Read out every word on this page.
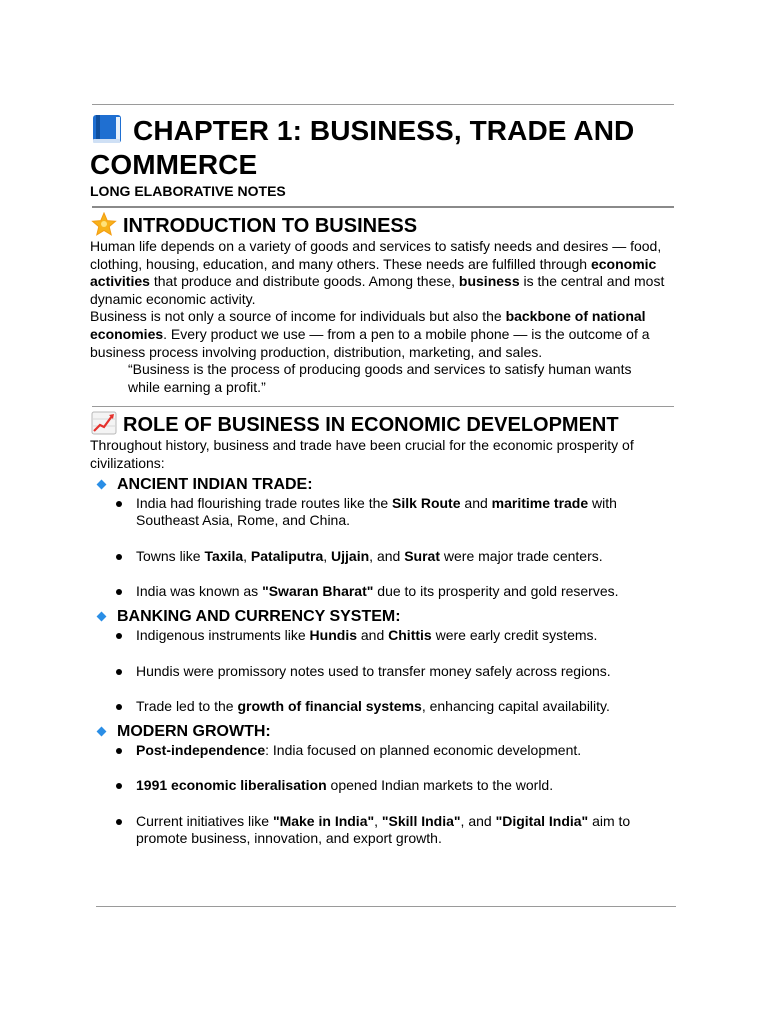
CHAPTER 1: BUSINESS, TRADE AND COMMERCE
LONG ELABORATIVE NOTES
INTRODUCTION TO BUSINESS

Human life depends on a variety of goods and services to satisfy needs and desires — food, clothing, housing, education, and many others. These needs are fulfilled through economic activities that produce and distribute goods. Among these, business is the central and most dynamic economic activity.

Business is not only a source of income for individuals but also the backbone of national economies. Every product we use — from a pen to a mobile phone — is the outcome of a business process involving production, distribution, marketing, and sales.

“Business is the process of producing goods and services to satisfy human wants while earning a profit.”

ROLE OF BUSINESS IN ECONOMIC DEVELOPMENT

Throughout history, business and trade have been crucial for the economic prosperity of civilizations:

ANCIENT INDIAN TRADE:
India had flourishing trade routes like the Silk Route and maritime trade with Southeast Asia, Rome, and China.
Towns like Taxila, Pataliputra, Ujjain, and Surat were major trade centers.
India was known as "Swaran Bharat" due to its prosperity and gold reserves.
BANKING AND CURRENCY SYSTEM:
Indigenous instruments like Hundis and Chittis were early credit systems.
Hundis were promissory notes used to transfer money safely across regions.
Trade led to the growth of financial systems, enhancing capital availability.
MODERN GROWTH:
Post-independence: India focused on planned economic development.
1991 economic liberalisation opened Indian markets to the world.
Current initiatives like "Make in India", "Skill India", and "Digital India" aim to promote business, innovation, and export growth.
